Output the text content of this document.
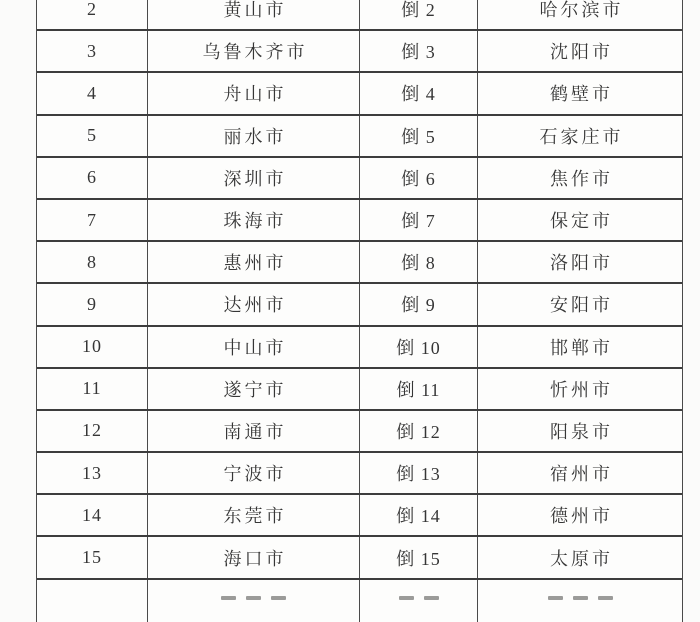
2	黄山市	倒 2	哈尔滨市
3	乌鲁木齐市	倒 3	沈阳市
4	舟山市	倒 4	鹤壁市
5	丽水市	倒 5	石家庄市
6	深圳市	倒 6	焦作市
7	珠海市	倒 7	保定市
8	惠州市	倒 8	洛阳市
9	达州市	倒 9	安阳市
10	中山市	倒 10	邯郸市
11	遂宁市	倒 11	忻州市
12	南通市	倒 12	阳泉市
13	宁波市	倒 13	宿州市
14	东莞市	倒 14	德州市
15	海口市	倒 15	太原市
